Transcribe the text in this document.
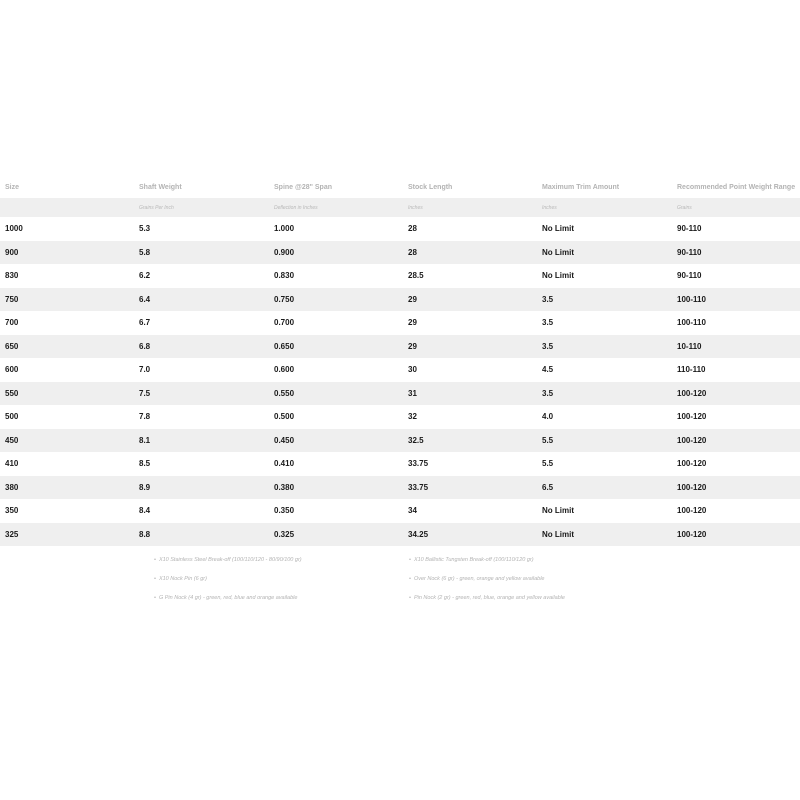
Size	Shaft Weight	Spine @28" Span	Stock Length	Maximum Trim Amount	Recommended Point Weight Range
	Grains Per Inch	Deflection in Inches	Inches	Inches	Grains
1000	5.3	1.000	28	No Limit	90-110
900	5.8	0.900	28	No Limit	90-110
830	6.2	0.830	28.5	No Limit	90-110
750	6.4	0.750	29	3.5	100-110
700	6.7	0.700	29	3.5	100-110
650	6.8	0.650	29	3.5	10-110
600	7.0	0.600	30	4.5	110-110
550	7.5	0.550	31	3.5	100-120
500	7.8	0.500	32	4.0	100-120
450	8.1	0.450	32.5	5.5	100-120
410	8.5	0.410	33.75	5.5	100-120
380	8.9	0.380	33.75	6.5	100-120
350	8.4	0.350	34	No Limit	100-120
325	8.8	0.325	34.25	No Limit	100-120
• X10 Stainless Steel Break-off (100/110/120 - 80/90/100 gr)
• X10 Nock Pin (6 gr)
• G Pin Nock (4 gr) - green, red, blue and orange available
• X10 Ballistic Tungsten Break-off (100/110/120 gr)
• Over Nock (6 gr) - green, orange and yellow available
• Pin Nock (2 gr) - green, red, blue, orange and yellow available
